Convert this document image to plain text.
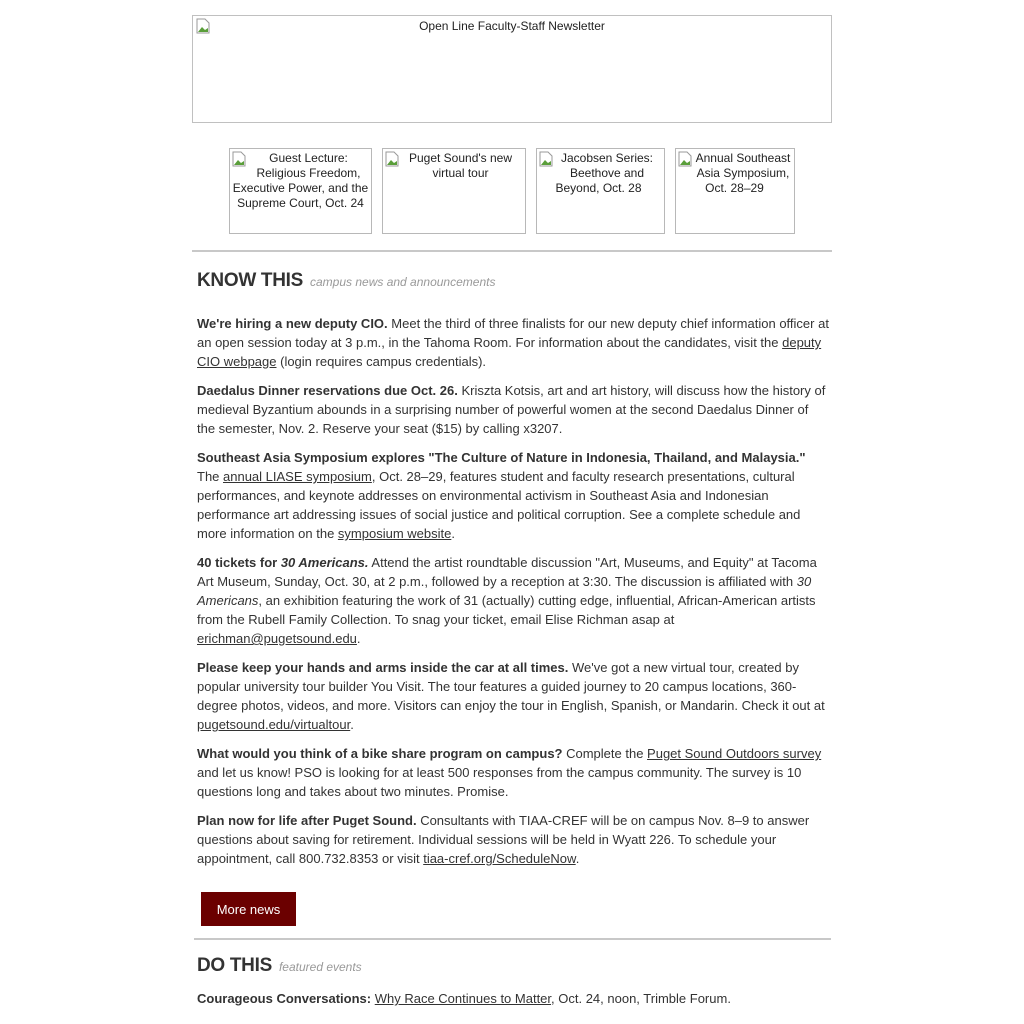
Open Line Faculty-Staff Newsletter
Guest Lecture: Religious Freedom, Executive Power, and the Supreme Court, Oct. 24
Puget Sound's new virtual tour
Jacobsen Series: Beethove and Beyond, Oct. 28
Annual Southeast Asia Symposium, Oct. 28–29
KNOW THIS campus news and announcements

We're hiring a new deputy CIO. Meet the third of three finalists for our new deputy chief information officer at an open session today at 3 p.m., in the Tahoma Room. For information about the candidates, visit the deputy CIO webpage (login requires campus credentials).

Daedalus Dinner reservations due Oct. 26. Kriszta Kotsis, art and art history, will discuss how the history of medieval Byzantium abounds in a surprising number of powerful women at the second Daedalus Dinner of the semester, Nov. 2. Reserve your seat ($15) by calling x3207.

Southeast Asia Symposium explores "The Culture of Nature in Indonesia, Thailand, and Malaysia." The annual LIASE symposium, Oct. 28–29, features student and faculty research presentations, cultural performances, and keynote addresses on environmental activism in Southeast Asia and Indonesian performance art addressing issues of social justice and political corruption. See a complete schedule and more information on the symposium website.

40 tickets for 30 Americans. Attend the artist roundtable discussion "Art, Museums, and Equity" at Tacoma Art Museum, Sunday, Oct. 30, at 2 p.m., followed by a reception at 3:30. The discussion is affiliated with 30 Americans, an exhibition featuring the work of 31 (actually) cutting edge, influential, African-American artists from the Rubell Family Collection. To snag your ticket, email Elise Richman asap at erichman@pugetsound.edu.

Please keep your hands and arms inside the car at all times. We've got a new virtual tour, created by popular university tour builder You Visit. The tour features a guided journey to 20 campus locations, 360-degree photos, videos, and more. Visitors can enjoy the tour in English, Spanish, or Mandarin. Check it out at pugetsound.edu/virtualtour.

What would you think of a bike share program on campus? Complete the Puget Sound Outdoors survey and let us know! PSO is looking for at least 500 responses from the campus community. The survey is 10 questions long and takes about two minutes. Promise.

Plan now for life after Puget Sound. Consultants with TIAA-CREF will be on campus Nov. 8–9 to answer questions about saving for retirement. Individual sessions will be held in Wyatt 226. To schedule your appointment, call 800.732.8353 or visit tiaa-cref.org/ScheduleNow.

More news
DO THIS featured events

Courageous Conversations: Why Race Continues to Matter, Oct. 24, noon, Trimble Forum.
